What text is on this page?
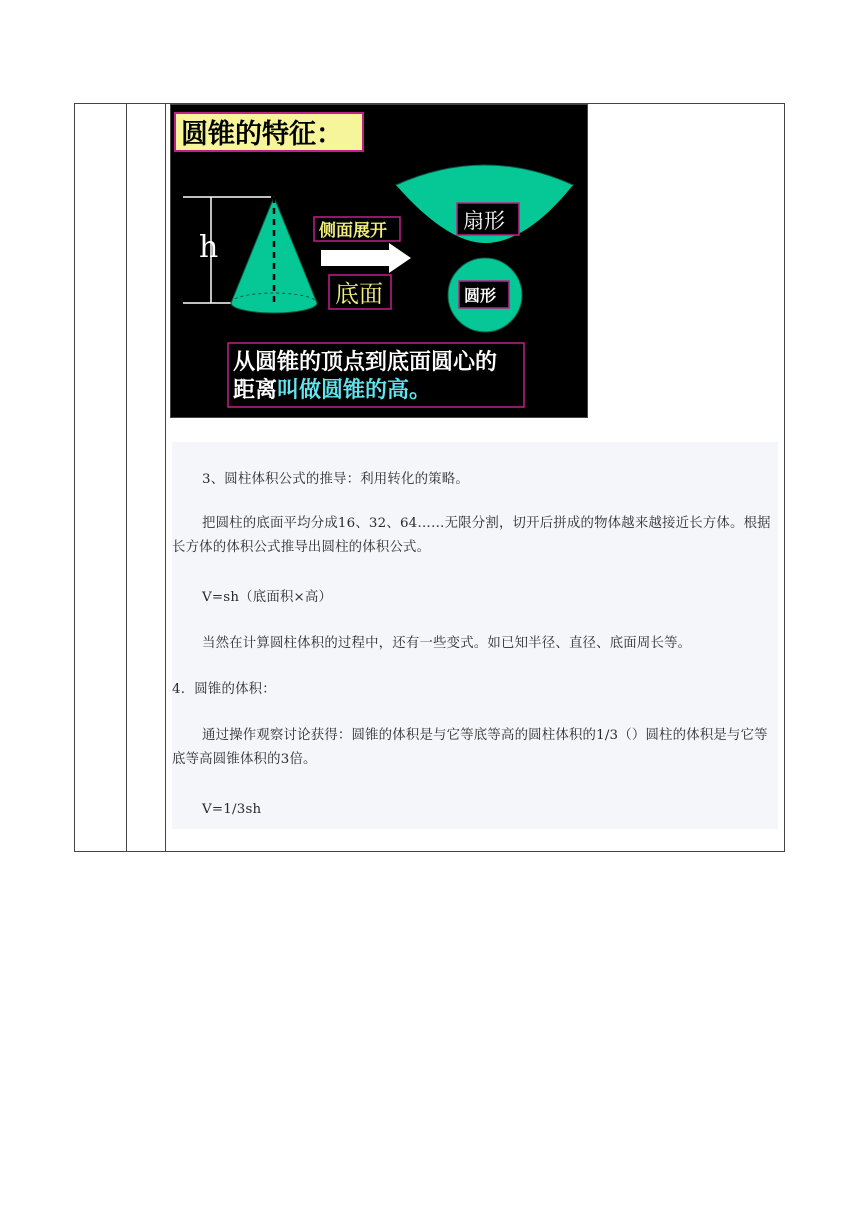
圆锥的特征：
h	侧面展开
底面
扇形
圆形
从圆锥的顶点到底面圆心的
距离叫做圆锥的高。
3、圆柱体积公式的推导：利用转化的策略。
把圆柱的底面平均分成16、32、64……无限分割，切开后拼成的物体越来越接近长方体。根据长方体的体积公式推导出圆柱的体积公式。
V=sh（底面积×高）
当然在计算圆柱体积的过程中，还有一些变式。如已知半径、直径、底面周长等。
4．圆锥的体积：
通过操作观察讨论获得：圆锥的体积是与它等底等高的圆柱体积的1/3（）圆柱的体积是与它等底等高圆锥体积的3倍。
V=1/3sh
